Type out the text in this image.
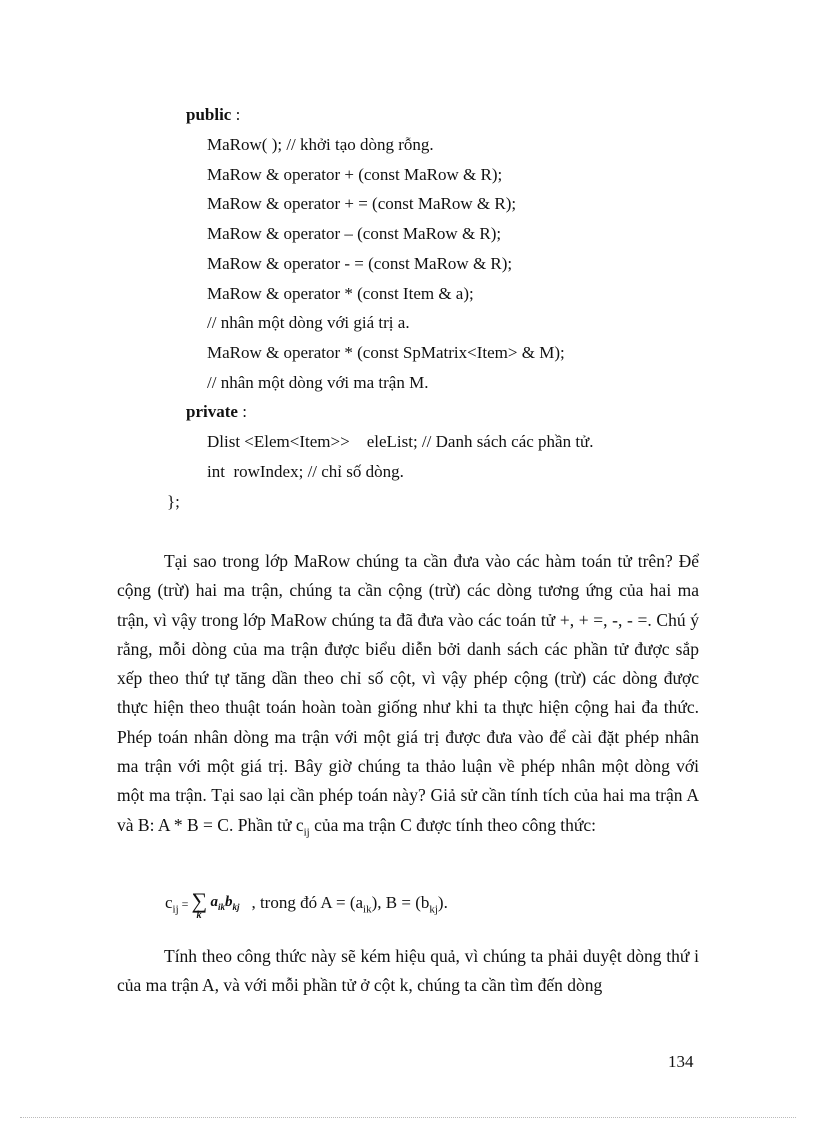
public :
MaRow( ); // khởi tạo dòng rỗng.
MaRow & operator + (const MaRow & R);
MaRow & operator + = (const MaRow & R);
MaRow & operator – (const MaRow & R);
MaRow & operator - = (const MaRow & R);
MaRow & operator * (const Item & a);
// nhân một dòng với giá trị a.
MaRow & operator * (const SpMatrix<Item> & M);
// nhân một dòng với ma trận M.
private :
Dlist <Elem<Item>>    eleList; // Danh sách các phần tử.
int  rowIndex; // chỉ số dòng.
};

Tại sao trong lớp MaRow chúng ta cần đưa vào các hàm toán tử trên? Để cộng (trừ) hai ma trận, chúng ta cần cộng (trừ) các dòng tương ứng của hai ma trận, vì vậy trong lớp MaRow chúng ta đã đưa vào các toán tử +, + =, -, - =. Chú ý rằng, mỗi dòng của ma trận được biểu diễn bởi danh sách các phần tử được sắp xếp theo thứ tự tăng dần theo chỉ số cột, vì vậy phép cộng (trừ) các dòng được thực hiện theo thuật toán hoàn toàn giống như khi ta thực hiện cộng hai đa thức. Phép toán nhân dòng ma trận với một giá trị được đưa vào để cài đặt phép nhân ma trận với một giá trị. Bây giờ chúng ta thảo luận về phép nhân một dòng với một ma trận. Tại sao lại cần phép toán này? Giả sử cần tính tích của hai ma trận A và B: A * B = C. Phần tử $c_{ij}$ của ma trận C được tính theo công thức:

$c_{ij}$ = ∑
k
$a_{ik}b_{kj}$ , trong đó $A = (a_{ik})$, $B = (b_{kj})$.

Tính theo công thức này sẽ kém hiệu quả, vì chúng ta phải duyệt dòng thứ i của ma trận A, và với mỗi phần tử ở cột k, chúng ta cần tìm đến dòng

134
